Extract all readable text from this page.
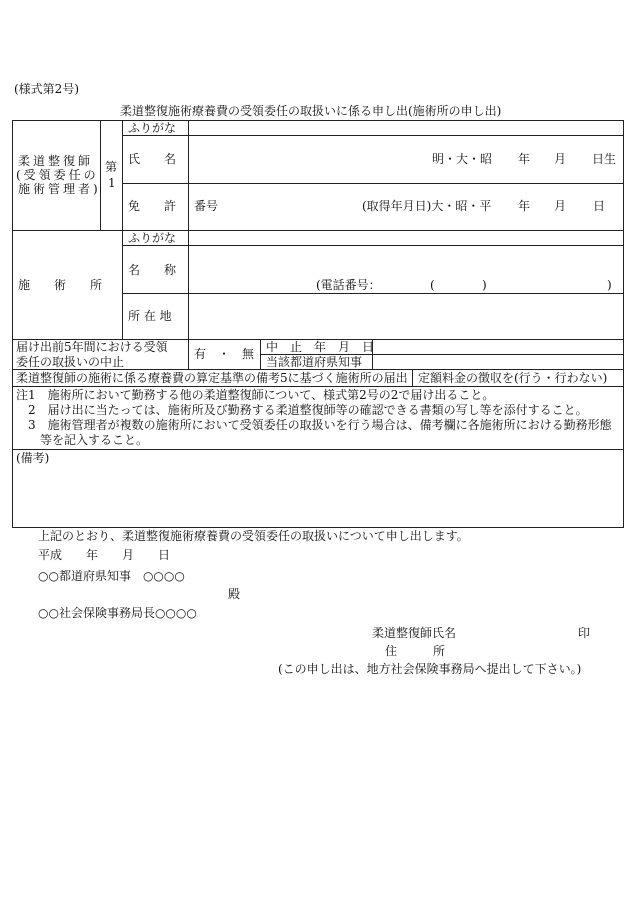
(様式第2号)
柔道整復施術療養費の受領委任の取扱いに係る申し出(施術所の申し出)
柔道整復師
(受領委任の
施術管理者)
第
1
ふりがな
氏　　名	明・大・昭 年 月 日生
免　　許 番号	(取得年月日)大・昭・平 年 月 日
施　　術　　所
ふりがな
名　　称
(電話番号：	(	)	)
所 在 地
届け出前5年間における受領
委任の取扱いの中止
有　・　無 中　止　年　月　日
当該都道府県知事
柔道整復師の施術に係る療養費の算定基準の備考5に基づく施術所の届出 定額料金の徴収を(行う・行わない)
注1　施術所において勤務する他の柔道整復師について、様式第2号の2で届け出ること。
　2　届け出に当たっては、施術所及び勤務する柔道整復師等の確認できる書類の写し等を添付すること。
　3　施術管理者が複数の施術所において受領委任の取扱いを行う場合は、備考欄に各施術所における勤務形態
　　等を記入すること。
(備考)
上記のとおり、柔道整復施術療養費の受領委任の取扱いについて申し出します。
平成　　年　　月　　日
○○都道府県知事　○○○○
殿
○○社会保険事務局長○○○○
柔道整復師氏名	印
住　　　所
(この申し出は、地方社会保険事務局へ提出して下さい。)
